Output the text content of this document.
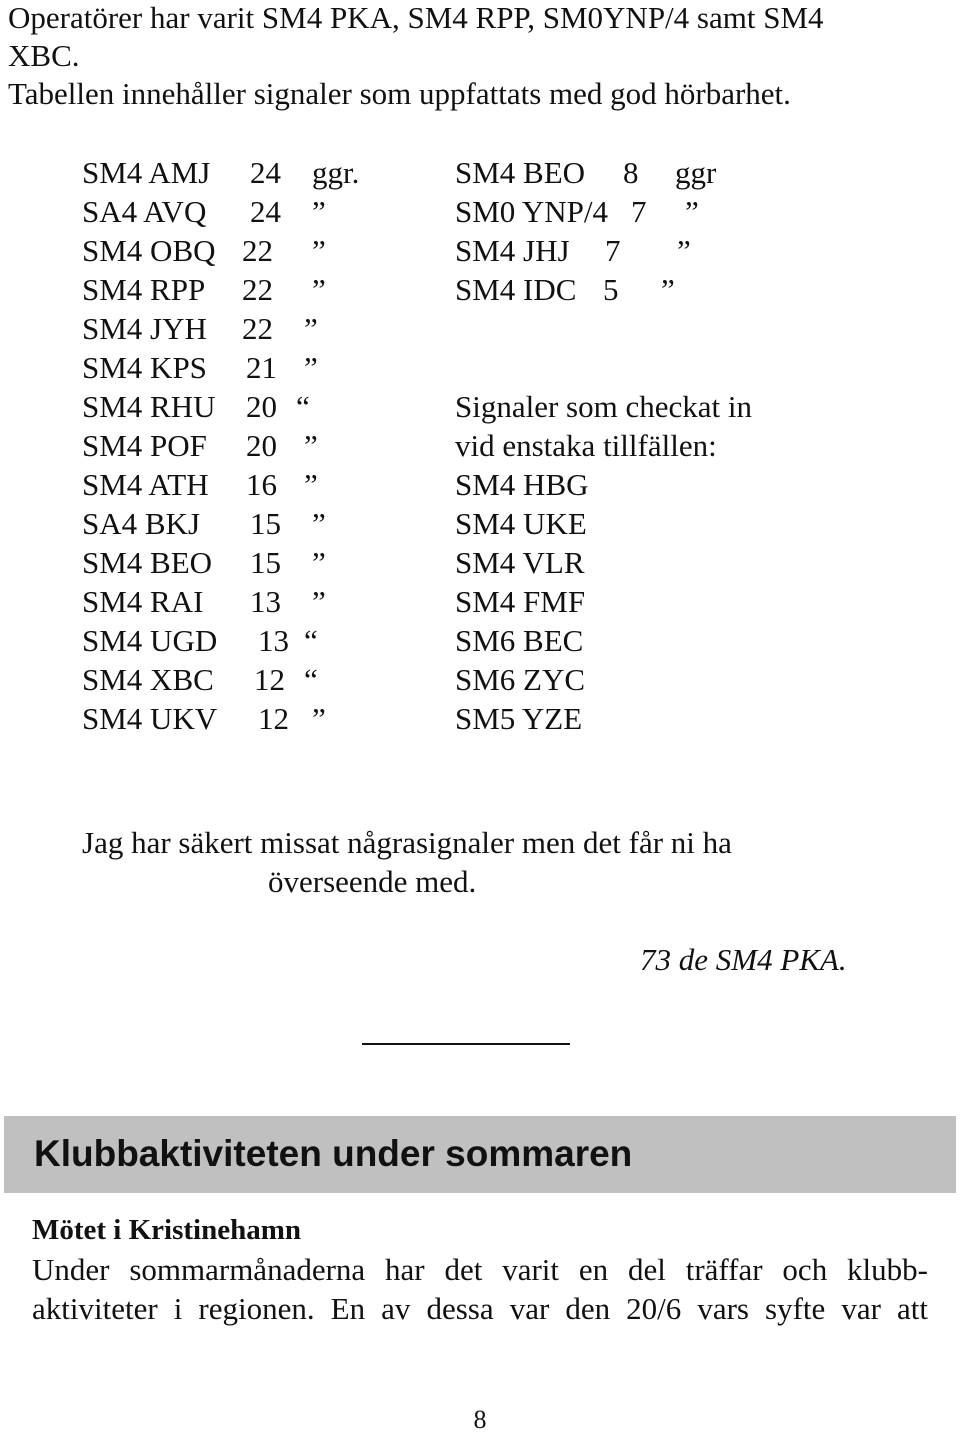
Operatörer har varit SM4 PKA, SM4 RPP, SM0YNP/4 samt SM4
XBC.
Tabellen innehåller signaler som uppfattats med god hörbarhet.
SM4 AMJ 24 ggr.
SA4 AVQ 24 ”
SM4 OBQ 22 ”
SM4 RPP 22 ”
SM4 JYH 22 ”
SM4 KPS 21 ”
SM4 RHU 20 “
SM4 POF 20 ”
SM4 ATH 16 ”
SA4 BKJ 15 ”
SM4 BEO 15 ”
SM4 RAI 13 ”
SM4 UGD 13 “
SM4 XBC 12 “
SM4 UKV 12 ”
SM4 BEO 8 ggr
SM0 YNP/4 7 ”
SM4 JHJ 7 ”
SM4 IDC 5 ”
Signaler som checkat in
vid enstaka tillfällen:
SM4 HBG
SM4 UKE
SM4 VLR
SM4 FMF
SM6 BEC
SM6 ZYC
SM5 YZE
Jag har säkert missat någrasignaler men det får ni ha
överseende med.
73 de SM4 PKA.
Klubbaktiviteten under sommaren
Mötet i Kristinehamn
Under sommarmånaderna har det varit en del träffar och klubb-
aktiviteter i regionen. En av dessa var den 20/6 vars syfte var att
8
